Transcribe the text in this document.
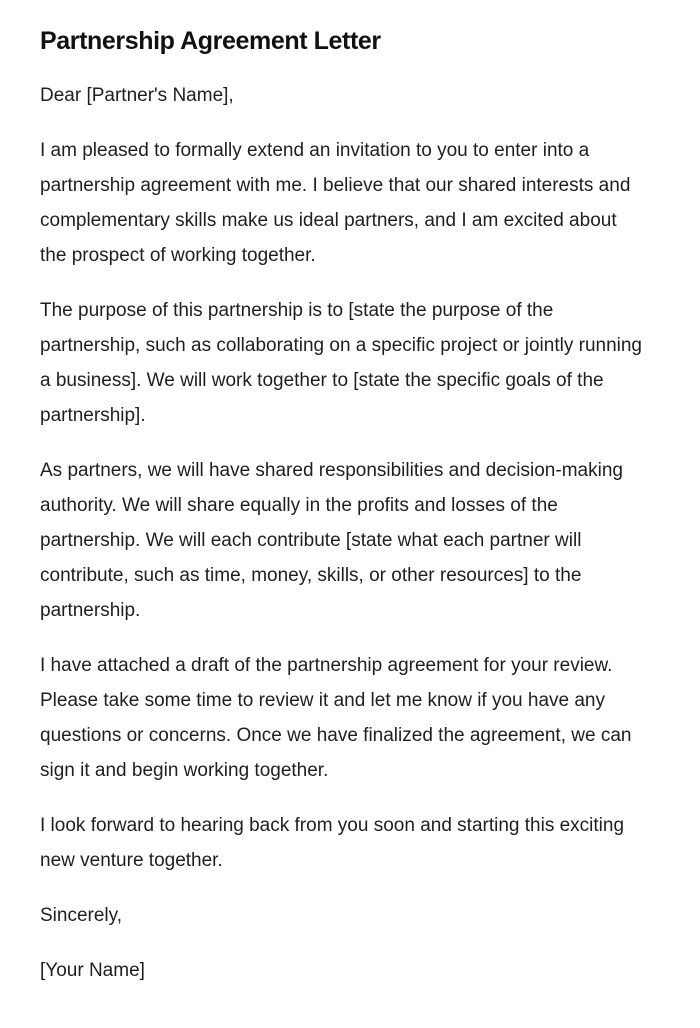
Partnership Agreement Letter

Dear [Partner's Name],

I am pleased to formally extend an invitation to you to enter into a partnership agreement with me. I believe that our shared interests and complementary skills make us ideal partners, and I am excited about the prospect of working together.

The purpose of this partnership is to [state the purpose of the partnership, such as collaborating on a specific project or jointly running a business]. We will work together to [state the specific goals of the partnership].

As partners, we will have shared responsibilities and decision-making authority. We will share equally in the profits and losses of the partnership. We will each contribute [state what each partner will contribute, such as time, money, skills, or other resources] to the partnership.

I have attached a draft of the partnership agreement for your review. Please take some time to review it and let me know if you have any questions or concerns. Once we have finalized the agreement, we can sign it and begin working together.

I look forward to hearing back from you soon and starting this exciting new venture together.

Sincerely,

[Your Name]
